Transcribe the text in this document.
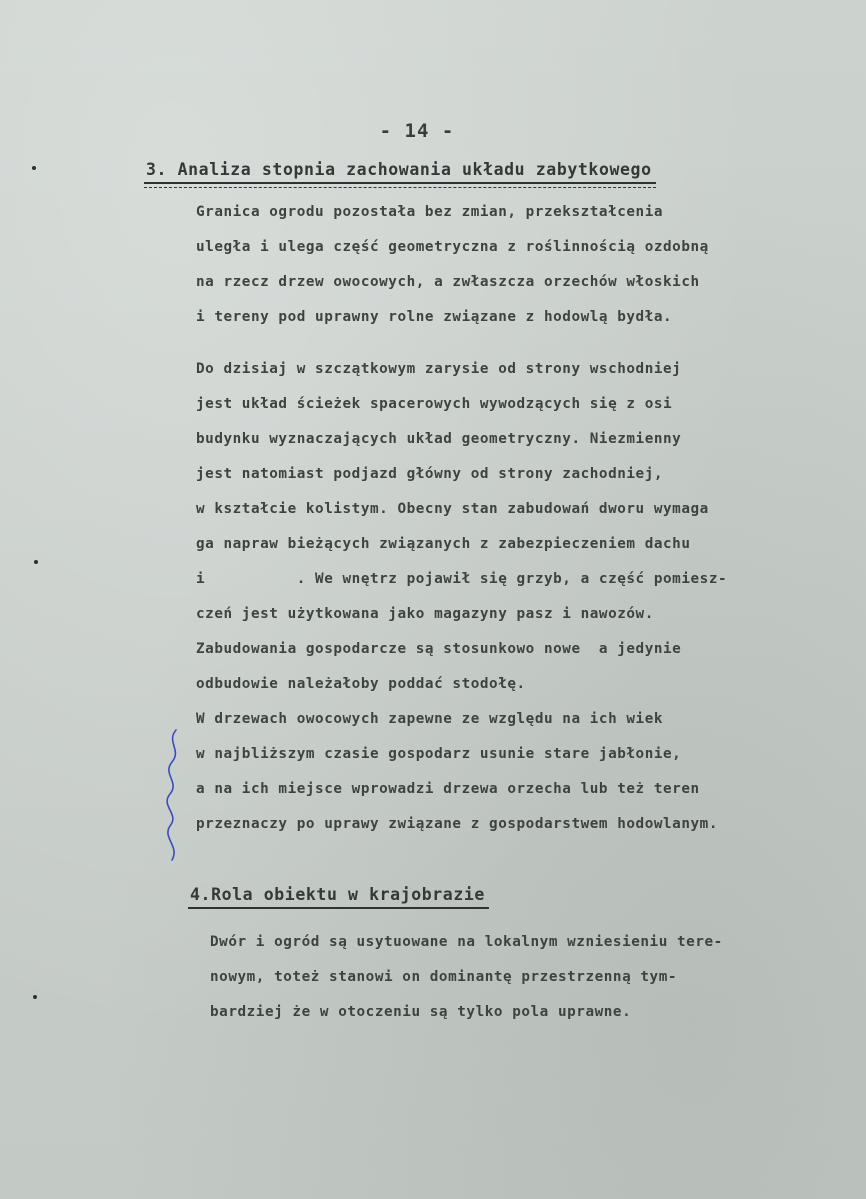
- 14 -
3. Analiza stopnia zachowania układu zabytkowego
Granica ogrodu pozostała bez zmian, przekształcenia
uległa i ulega część geometryczna z roślinnością ozdobną
na rzecz drzew owocowych, a zwłaszcza orzechów włoskich
i tereny pod uprawny rolne związane z hodowlą bydła.
Do dzisiaj w szczątkowym zarysie od strony wschodniej
jest układ ścieżek spacerowych wywodzących się z osi
budynku wyznaczających układ geometryczny. Niezmienny
jest natomiast podjazd główny od strony zachodniej,
w kształcie kolistym. Obecny stan zabudowań dworu wymaga
ga napraw bieżących związanych z zabezpieczeniem dachu
i          . We wnętrz pojawił się grzyb, a część pomiesz-
czeń jest użytkowana jako magazyny pasz i nawozów.
Zabudowania gospodarcze są stosunkowo nowe  a jedynie
odbudowie należałoby poddać stodołę.
W drzewach owocowych zapewne ze względu na ich wiek
w najbliższym czasie gospodarz usunie stare jabłonie,
a na ich miejsce wprowadzi drzewa orzecha lub też teren
przeznaczy po uprawy związane z gospodarstwem hodowlanym.
4.Rola obiektu w krajobrazie
Dwór i ogród są usytuowane na lokalnym wzniesieniu tere-
nowym, toteż stanowi on dominantę przestrzenną tym-
bardziej że w otoczeniu są tylko pola uprawne.
